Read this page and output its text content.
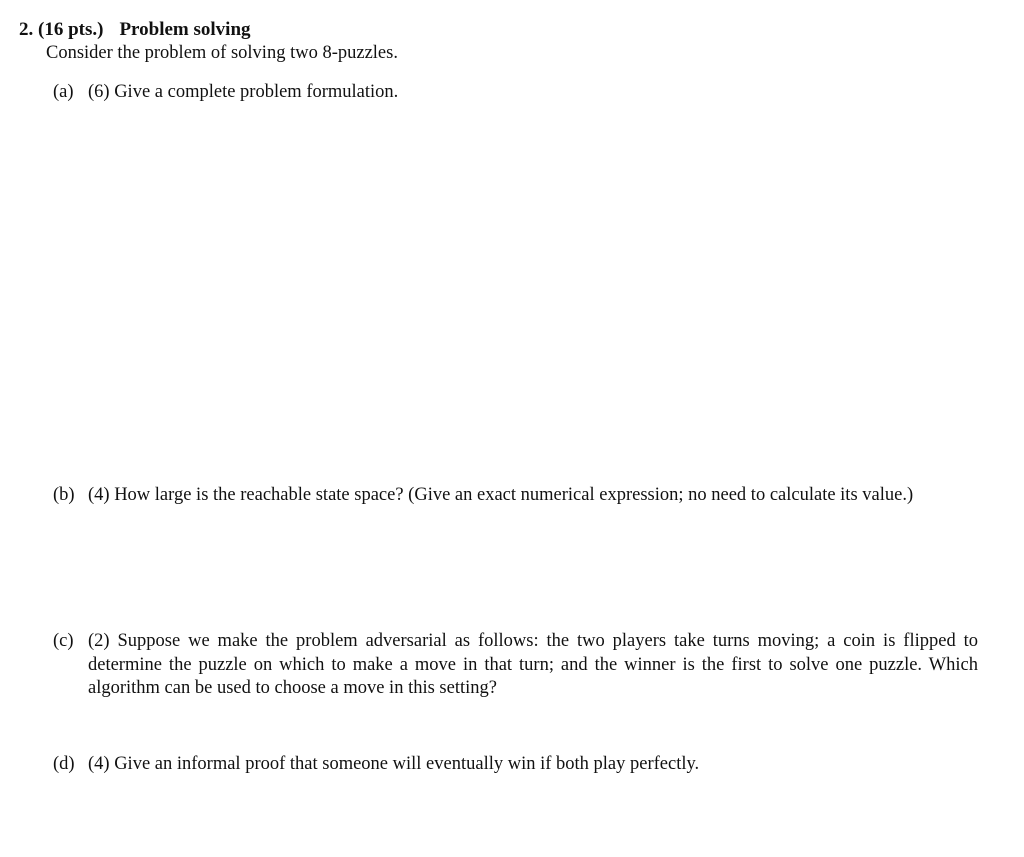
2. (16 pts.) Problem solving
Consider the problem of solving two 8-puzzles.
(a) (6) Give a complete problem formulation.
(b) (4) How large is the reachable state space? (Give an exact numerical expression; no need to calculate its value.)
(c) (2) Suppose we make the problem adversarial as follows: the two players take turns moving; a coin is flipped to determine the puzzle on which to make a move in that turn; and the winner is the first to solve one puzzle. Which algorithm can be used to choose a move in this setting?
(d) (4) Give an informal proof that someone will eventually win if both play perfectly.
